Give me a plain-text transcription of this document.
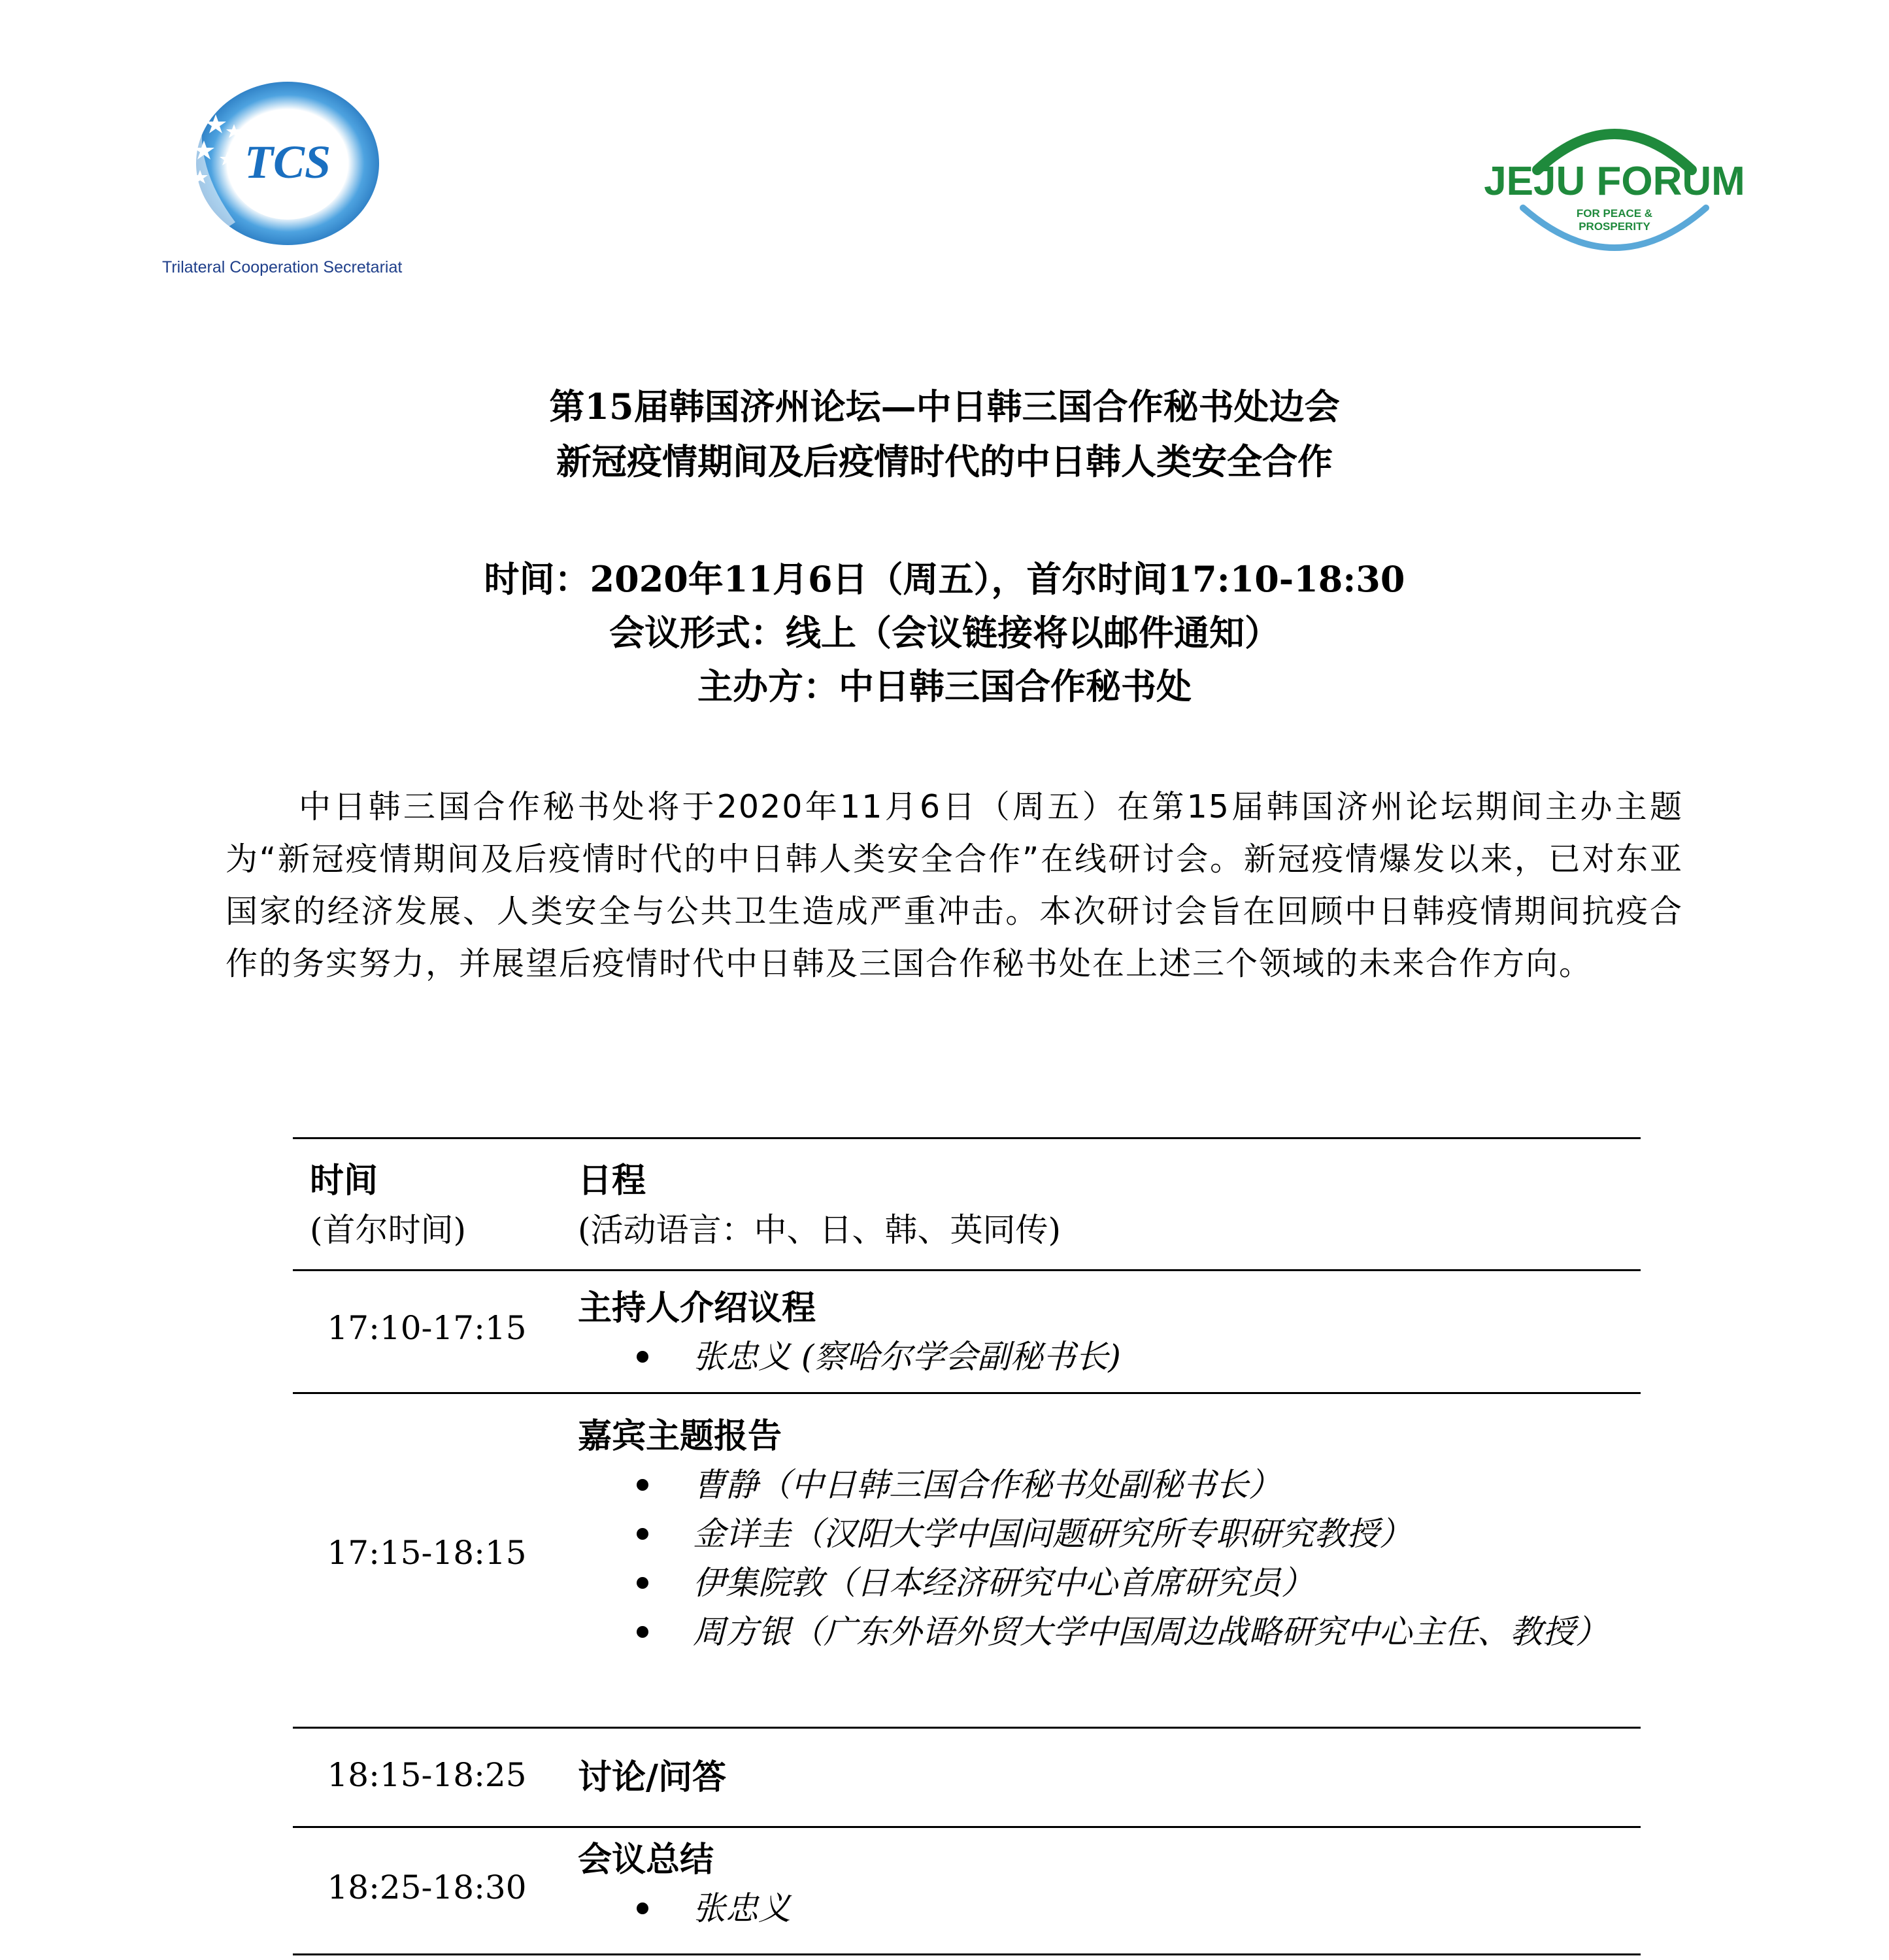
TCS
Trilateral Cooperation Secretariat
JEJU FORUM
FOR PEACE &
PROSPERITY
第15届韩国济州论坛—中日韩三国合作秘书处边会
新冠疫情期间及后疫情时代的中日韩人类安全合作
时间：2020年11月6日（周五），首尔时间17:10-18:30
会议形式：线上（会议链接将以邮件通知）
主办方：中日韩三国合作秘书处
中日韩三国合作秘书处将于2020年11月6日（周五）在第15届韩国济州论坛期间主办主题为“新冠疫情期间及后疫情时代的中日韩人类安全合作”在线研讨会。新冠疫情爆发以来，已对东亚国家的经济发展、人类安全与公共卫生造成严重冲击。本次研讨会旨在回顾中日韩疫情期间抗疫合作的务实努力，并展望后疫情时代中日韩及三国合作秘书处在上述三个领域的未来合作方向。
时间
(首尔时间)
日程
(活动语言：中、日、韩、英同传)
17:10-17:15	主持人介绍议程
张忠义 (察哈尔学会副秘书长)
17:15-18:15
嘉宾主题报告
曹静（中日韩三国合作秘书处副秘书长）
金详圭（汉阳大学中国问题研究所专职研究教授）
伊集院敦（日本经济研究中心首席研究员）
周方银（广东外语外贸大学中国周边战略研究中心主任、教授）
18:15-18:25	讨论/问答
18:25-18:30
会议总结
张忠义
